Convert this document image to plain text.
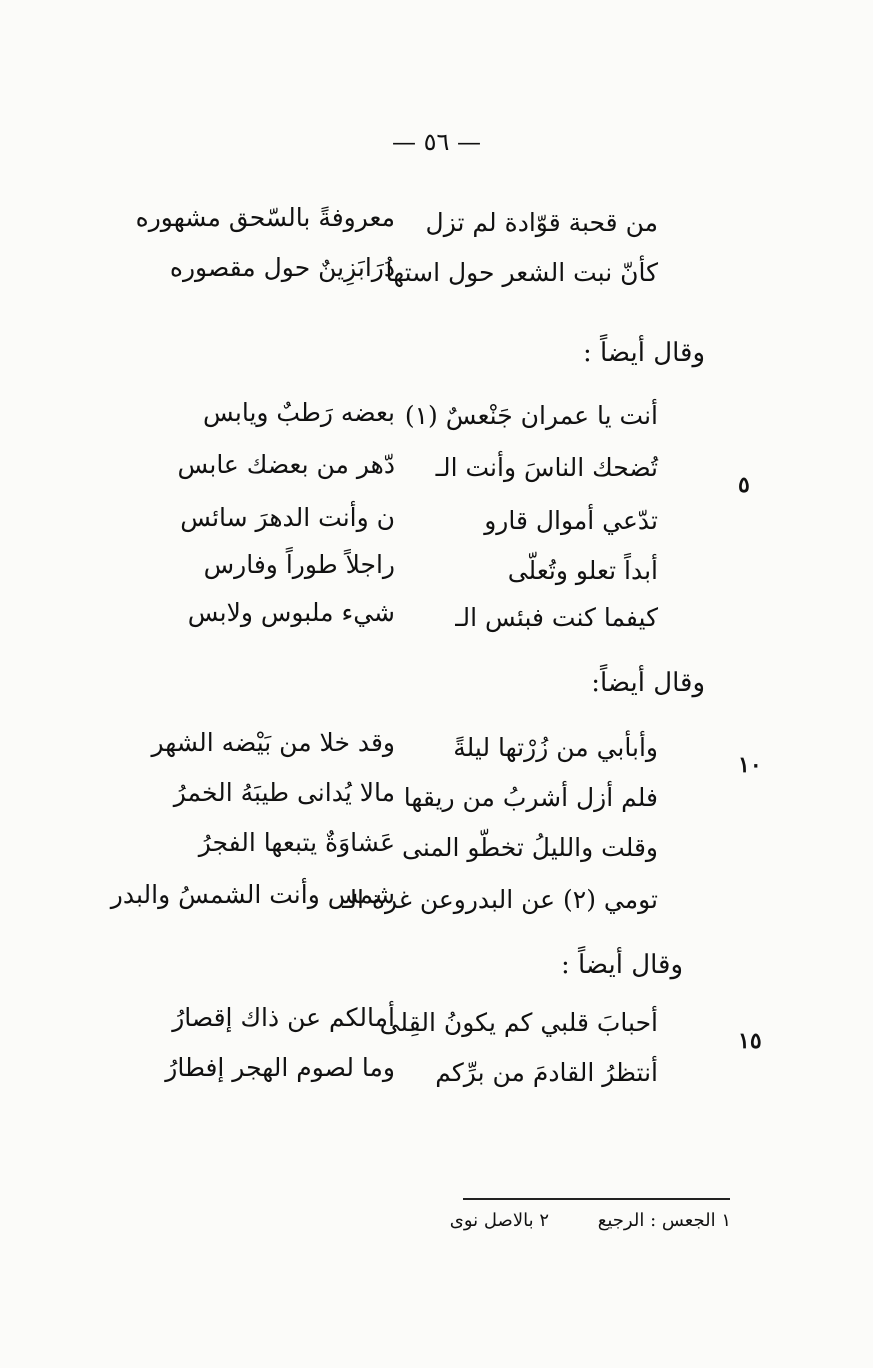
— ٥٦ —
من قحبة قوّادة لم تزل
معروفةً بالسّحق مشهوره
كأنّ نبت الشعر حول استها
دُرَابَزِينٌ حول مقصوره
وقال أيضاً :
أنت يا عمران جَنْعسٌ (١)
بعضه رَطبٌ ويابس
تُضحك الناسَ وأنت الـ
دّهر من بعضك عابس
٥
تدّعي أموال قارو
ن وأنت الدهرَ سائس
أبداً تعلو وتُعلّى
راجلاً طوراً وفارس
كيفما كنت فبئس الـ
شيء ملبوس ولابس
وقال أيضاً:
وأبأبي من زُرْتها ليلةً
وقد خلا من بَيْضه الشهر
١٠
فلم أزل أشربُ من ريقها
مالا يُدانى طيبَهُ الخمرُ
وقلت والليلُ تخطّو المنى
عَشاوَةٌ يتبعها الفجرُ
تومي (٢) عن البدروعن غرة الـ
شمس وأنت الشمسُ والبدر
وقال أيضاً :
أحبابَ قلبي كم يكونُ القِلى
أمالكم عن ذاك إقصارُ
١٥
أنتظرُ القادمَ من برِّكم
وما لصوم الهجر إفطارُ
١ الجعس : الرجيع
٢ بالاصل نوى
